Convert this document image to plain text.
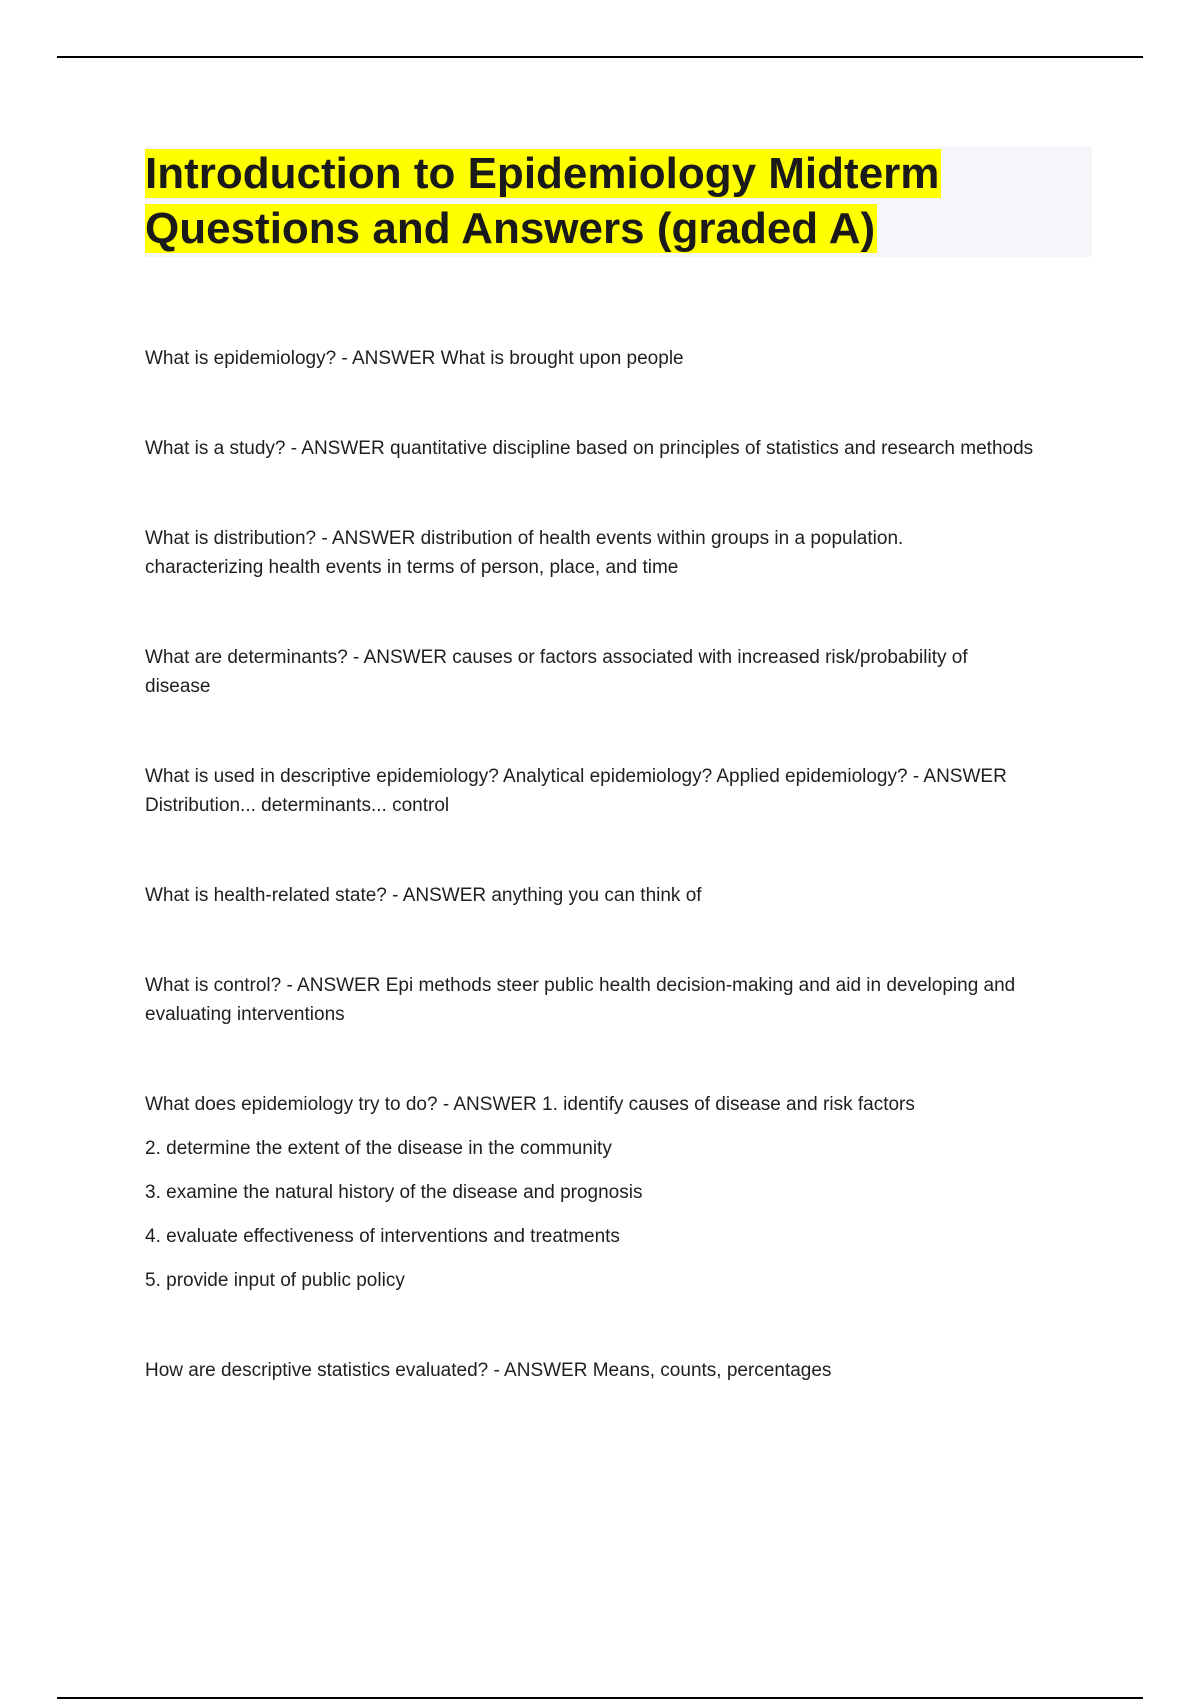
Introduction to Epidemiology Midterm
Questions and Answers (graded A)

What is epidemiology? - ANSWER What is brought upon people

What is a study? - ANSWER quantitative discipline based on principles of statistics and research methods

What is distribution? - ANSWER distribution of health events within groups in a population.

characterizing health events in terms of person, place, and time

What are determinants? - ANSWER causes or factors associated with increased risk/probability of

disease

What is used in descriptive epidemiology? Analytical epidemiology? Applied epidemiology? - ANSWER

Distribution... determinants... control

What is health-related state? - ANSWER anything you can think of

What is control? - ANSWER Epi methods steer public health decision-making and aid in developing and

evaluating interventions

What does epidemiology try to do? - ANSWER 1. identify causes of disease and risk factors

2. determine the extent of the disease in the community

3. examine the natural history of the disease and prognosis

4. evaluate effectiveness of interventions and treatments

5. provide input of public policy

How are descriptive statistics evaluated? - ANSWER Means, counts, percentages
